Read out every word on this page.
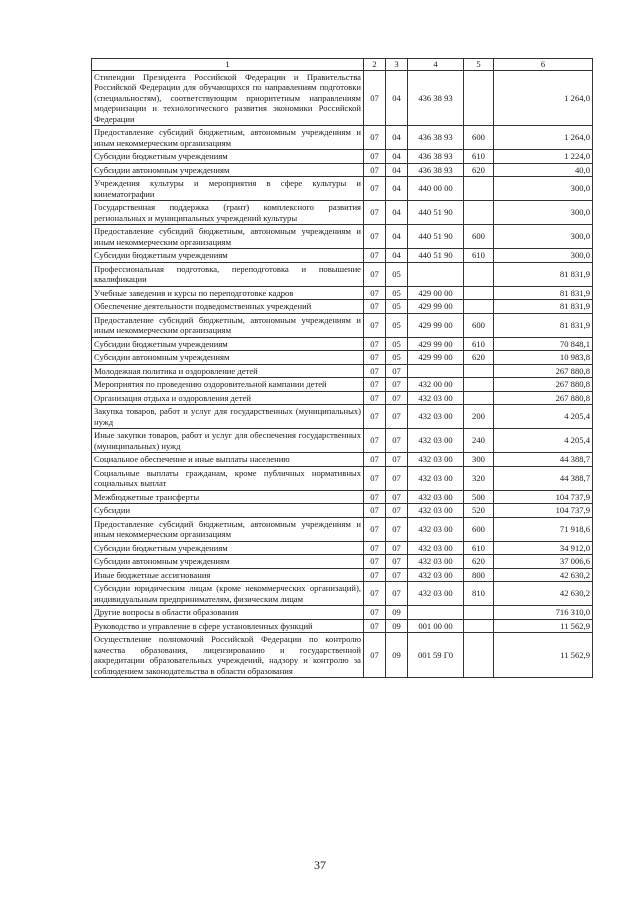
1	2	3	4	5	6
Стипендии Президента Российской Федерации и Правительства Российской Федерации для обучающихся по направлениям подготовки (специальностям), соответствующим приоритетным направлениям модернизации и технологического развития экономики Российской Федерации	07	04	436 38 93		1 264,0
Предоставление субсидий бюджетным, автономным учреждениям и иным некоммерческим организациям	07	04	436 38 93	600	1 264,0
Субсидии бюджетным учреждениям	07	04	436 38 93	610	1 224,0
Субсидии автономным учреждениям	07	04	436 38 93	620	40,0
Учреждения культуры и мероприятия в сфере культуры и кинематографии	07	04	440 00 00		300,0
Государственная поддержка (грант) комплексного развития региональных и муниципальных учреждений культуры	07	04	440 51 90		300,0
Предоставление субсидий бюджетным, автономным учреждениям и иным некоммерческим организациям	07	04	440 51 90	600	300,0
Субсидии бюджетным учреждениям	07	04	440 51 90	610	300,0
Профессиональная подготовка, переподготовка и повышение квалификации	07	05			81 831,9
Учебные заведения и курсы по переподготовке кадров	07	05	429 00 00		81 831,9
Обеспечение деятельности подведомственных учреждений	07	05	429 99 00		81 831,9
Предоставление субсидий бюджетным, автономным учреждениям и иным некоммерческим организациям	07	05	429 99 00	600	81 831,9
Субсидии бюджетным учреждениям	07	05	429 99 00	610	70 848,1
Субсидии автономным учреждениям	07	05	429 99 00	620	10 983,8
Молодежная политика и оздоровление детей	07	07			267 880,8
Мероприятия по проведению оздоровительной кампании детей	07	07	432 00 00		267 880,8
Организация отдыха и оздоровления детей	07	07	432 03 00		267 880,8
Закупка товаров, работ и услуг для государственных (муниципальных) нужд	07	07	432 03 00	200	4 205,4
Иные закупки товаров, работ и услуг для обеспечения государственных (муниципальных) нужд	07	07	432 03 00	240	4 205,4
Социальное обеспечение и иные выплаты населению	07	07	432 03 00	300	44 388,7
Социальные выплаты гражданам, кроме публичных нормативных социальных выплат	07	07	432 03 00	320	44 388,7
Межбюджетные трансферты	07	07	432 03 00	500	104 737,9
Субсидии	07	07	432 03 00	520	104 737,9
Предоставление субсидий бюджетным, автономным учреждениям и иным некоммерческим организациям	07	07	432 03 00	600	71 918,6
Субсидии бюджетным учреждениям	07	07	432 03 00	610	34 912,0
Субсидии автономным учреждениям	07	07	432 03 00	620	37 006,6
Иные бюджетные ассигнования	07	07	432 03 00	800	42 630,2
Субсидии юридическим лицам (кроме некоммерческих организаций), индивидуальным предпринимателям, физическим лицам	07	07	432 03 00	810	42 630,2
Другие вопросы в области образования	07	09			716 310,0
Руководство и управление в сфере установленных функций	07	09	001 00 00		11 562,9
Осуществление полномочий Российской Федерации по контролю качества образования, лицензированию и государственной аккредитации образовательных учреждений, надзору и контролю за соблюдением законодательства в области образования	07	09	001 59 Г0		11 562,9
37
